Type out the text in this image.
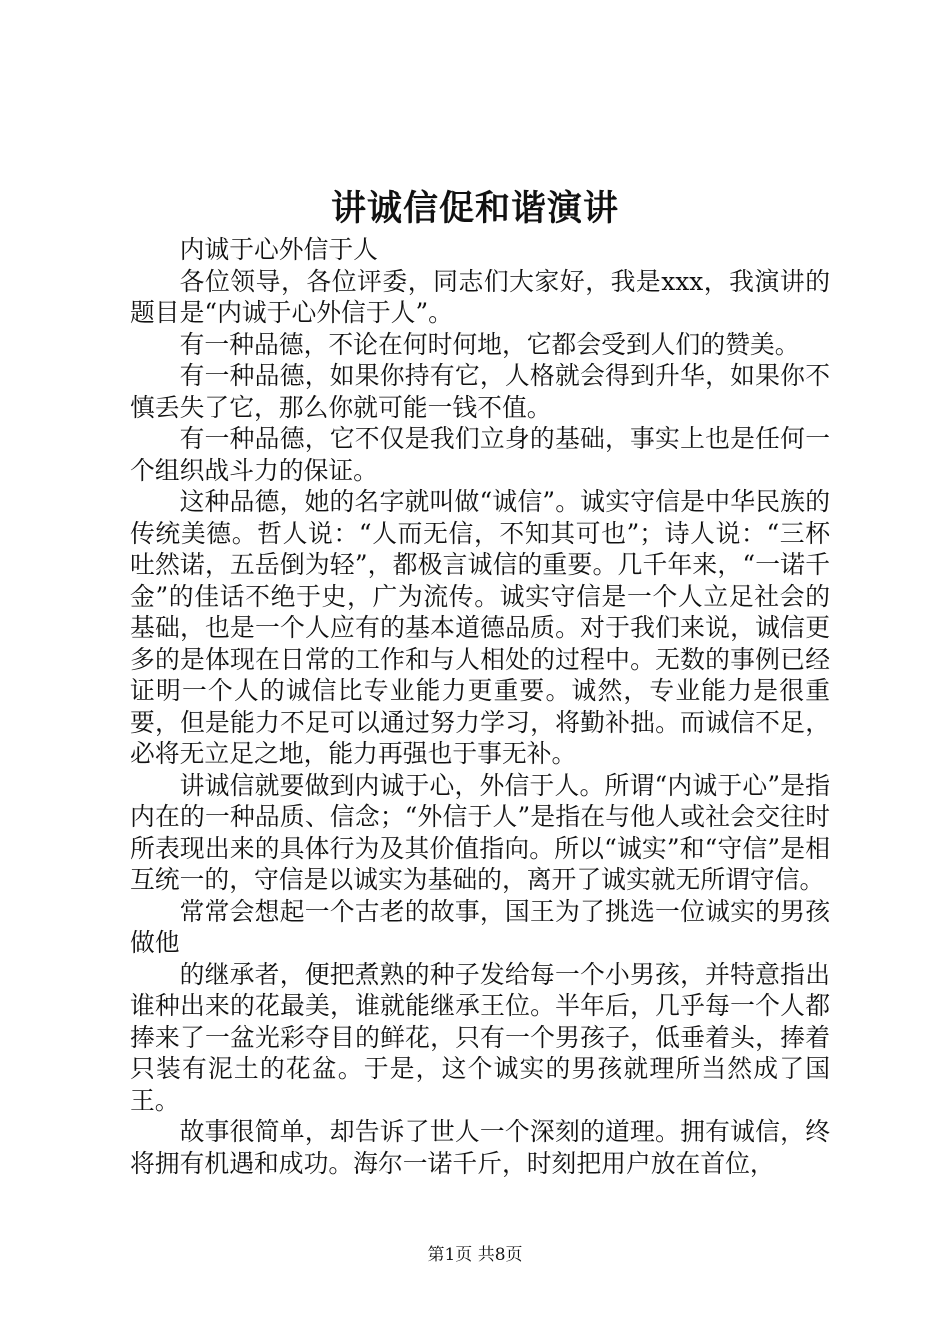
讲诚信促和谐演讲

内诚于心外信于人

各位领导，各位评委，同志们大家好，我是xxx，我演讲的题目是“内诚于心外信于人”。

有一种品德，不论在何时何地，它都会受到人们的赞美。

有一种品德，如果你持有它，人格就会得到升华，如果你不慎丢失了它，那么你就可能一钱不值。

有一种品德，它不仅是我们立身的基础，事实上也是任何一个组织战斗力的保证。

这种品德，她的名字就叫做“诚信”。诚实守信是中华民族的传统美德。哲人说：“人而无信，不知其可也”；诗人说：“三杯吐然诺，五岳倒为轻”，都极言诚信的重要。几千年来，“一诺千金”的佳话不绝于史，广为流传。诚实守信是一个人立足社会的基础，也是一个人应有的基本道德品质。对于我们来说，诚信更多的是体现在日常的工作和与人相处的过程中。无数的事例已经证明一个人的诚信比专业能力更重要。诚然，专业能力是很重要，但是能力不足可以通过努力学习，将勤补拙。而诚信不足，必将无立足之地，能力再强也于事无补。

讲诚信就要做到内诚于心，外信于人。所谓“内诚于心”是指内在的一种品质、信念；“外信于人”是指在与他人或社会交往时所表现出来的具体行为及其价值指向。所以“诚实”和“守信”是相互统一的，守信是以诚实为基础的，离开了诚实就无所谓守信。

常常会想起一个古老的故事，国王为了挑选一位诚实的男孩做他

的继承者，便把煮熟的种子发给每一个小男孩，并特意指出谁种出来的花最美，谁就能继承王位。半年后，几乎每一个人都捧来了一盆光彩夺目的鲜花，只有一个男孩子，低垂着头，捧着只装有泥土的花盆。于是，这个诚实的男孩就理所当然成了国王。

故事很简单，却告诉了世人一个深刻的道理。拥有诚信，终将拥有机遇和成功。海尔一诺千斤，时刻把用户放在首位，

第1页 共8页
